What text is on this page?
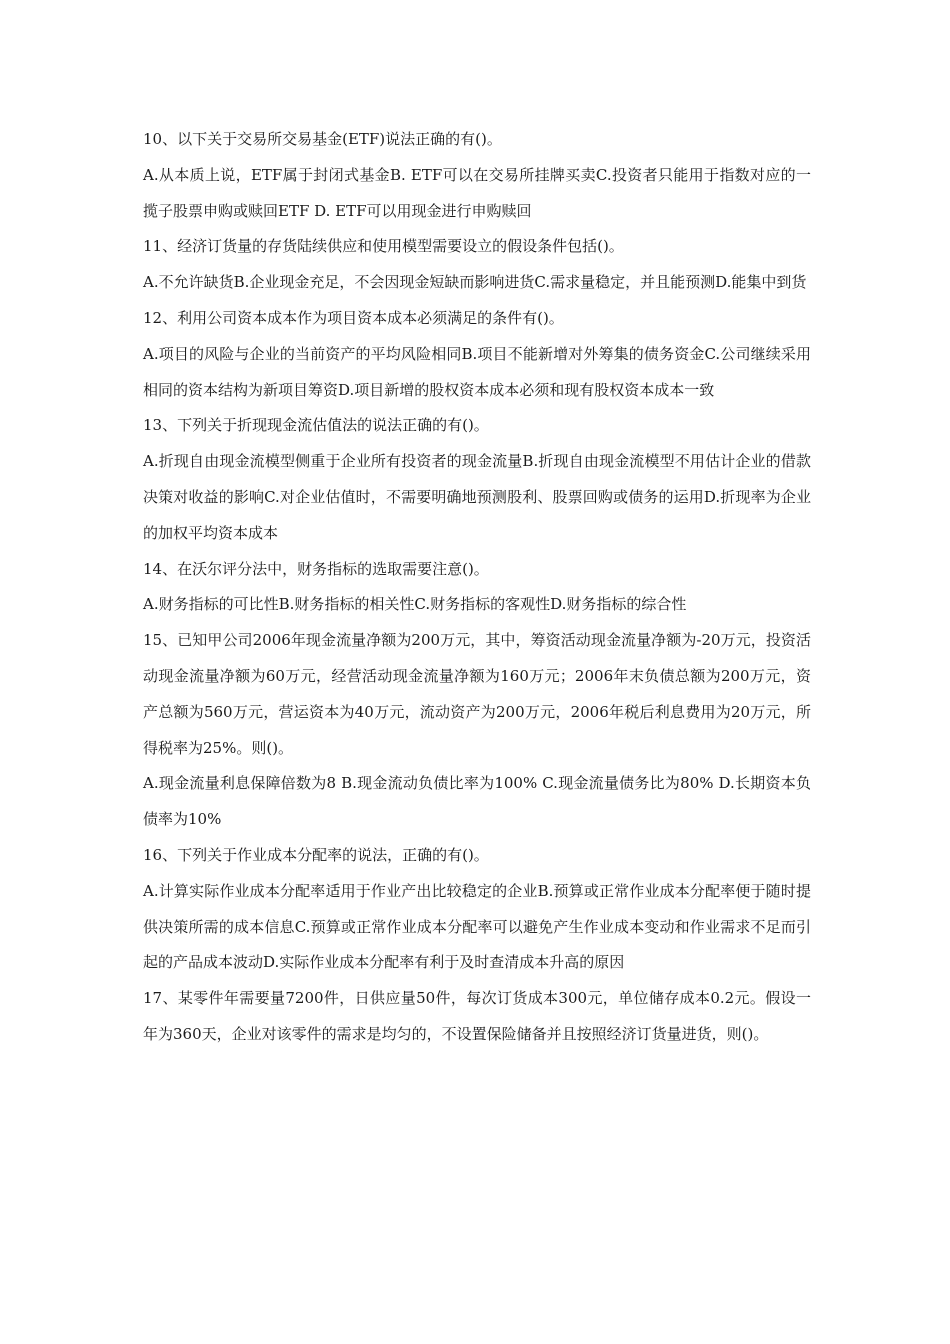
10、以下关于交易所交易基金(ETF)说法正确的有()。

A.从本质上说，ETF属于封闭式基金B. ETF可以在交易所挂牌买卖C.投资者只能用于指数对应的一揽子股票申购或赎回ETF D. ETF可以用现金进行申购赎回

11、经济订货量的存货陆续供应和使用模型需要设立的假设条件包括()。

A.不允许缺货B.企业现金充足，不会因现金短缺而影响进货C.需求量稳定，并且能预测D.能集中到货

12、利用公司资本成本作为项目资本成本必须满足的条件有()。

A.项目的风险与企业的当前资产的平均风险相同B.项目不能新增对外筹集的债务资金C.公司继续采用相同的资本结构为新项目筹资D.项目新增的股权资本成本必须和现有股权资本成本一致

13、下列关于折现现金流估值法的说法正确的有()。

A.折现自由现金流模型侧重于企业所有投资者的现金流量B.折现自由现金流模型不用估计企业的借款决策对收益的影响C.对企业估值时，不需要明确地预测股利、股票回购或债务的运用D.折现率为企业的加权平均资本成本

14、在沃尔评分法中，财务指标的选取需要注意()。

A.财务指标的可比性B.财务指标的相关性C.财务指标的客观性D.财务指标的综合性

15、已知甲公司2006年现金流量净额为200万元，其中，筹资活动现金流量净额为-20万元，投资活动现金流量净额为60万元，经营活动现金流量净额为160万元；2006年末负债总额为200万元，资产总额为560万元，营运资本为40万元，流动资产为200万元，2006年税后利息费用为20万元，所得税率为25%。则()。

A.现金流量利息保障倍数为8 B.现金流动负债比率为100% C.现金流量债务比为80% D.长期资本负债率为10%

16、下列关于作业成本分配率的说法，正确的有()。

A.计算实际作业成本分配率适用于作业产出比较稳定的企业B.预算或正常作业成本分配率便于随时提供决策所需的成本信息C.预算或正常作业成本分配率可以避免产生作业成本变动和作业需求不足而引起的产品成本波动D.实际作业成本分配率有利于及时查清成本升高的原因

17、某零件年需要量7200件，日供应量50件，每次订货成本300元，单位储存成本0.2元。假设一年为360天，企业对该零件的需求是均匀的，不设置保险储备并且按照经济订货量进货，则()。
